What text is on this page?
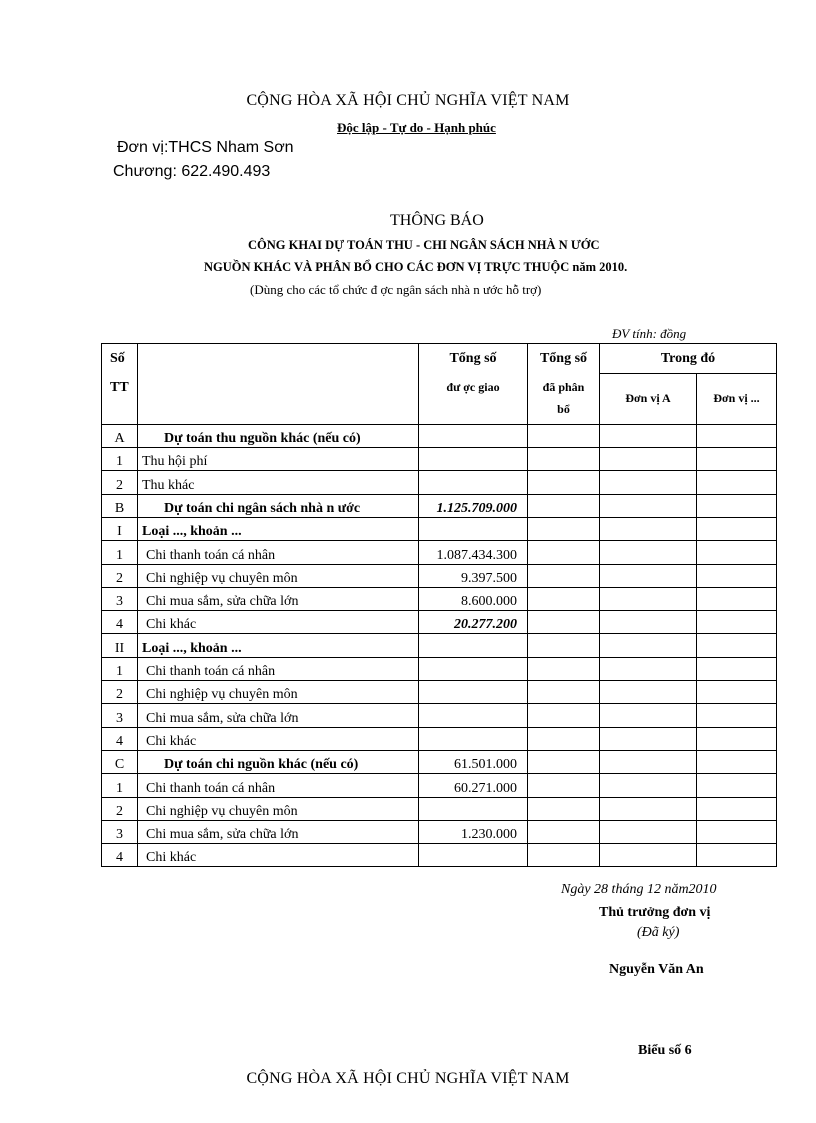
CỘNG HÒA XÃ HỘI CHỦ NGHĨA VIỆT NAM
Độc lập - Tự do - Hạnh phúc
Đơn vị:THCS Nham Sơn
Chương: 622.490.493
THÔNG BÁO
CÔNG KHAI DỰ TOÁN THU - CHI NGÂN SÁCH NHÀ N ƯỚC
NGUỒN KHÁC VÀ PHÂN BỔ CHO CÁC ĐƠN VỊ TRỰC THUỘC năm 2010.
(Dùng cho các tổ chức đ ợc ngân sách nhà n ước hỗ trợ)
ĐV tính: đồng
Số		Tổng số	Tổng số	Trong đó	
TT		đư ợc giao	đã phân	Đơn vị A	Đơn vị ...
			bổ		
A	Dự toán thu nguồn khác (nếu có)				
1	Thu hội phí				
2	Thu khác				
B	Dự toán chi ngân sách nhà n ước	1.125.709.000			
I	Loại ..., khoản ...				
1	Chi thanh toán cá nhân	1.087.434.300			
2	Chi nghiệp vụ chuyên môn	9.397.500			
3	Chi mua sắm, sửa chữa lớn	8.600.000			
4	Chi khác	20.277.200			
II	Loại ..., khoản ...				
1	Chi thanh toán cá nhân				
2	Chi nghiệp vụ chuyên môn				
3	Chi mua sắm, sửa chữa lớn				
4	Chi khác				
C	Dự toán chi nguồn khác (nếu có)	61.501.000			
1	Chi thanh toán cá nhân	60.271.000			
2	Chi nghiệp vụ chuyên môn				
3	Chi mua sắm, sửa chữa lớn	1.230.000			
4	Chi khác				
Ngày 28 tháng 12 năm2010
Thủ trưởng đơn vị
(Đã ký)
Nguyễn Văn An
Biểu số 6
CỘNG HÒA XÃ HỘI CHỦ NGHĨA VIỆT NAM
